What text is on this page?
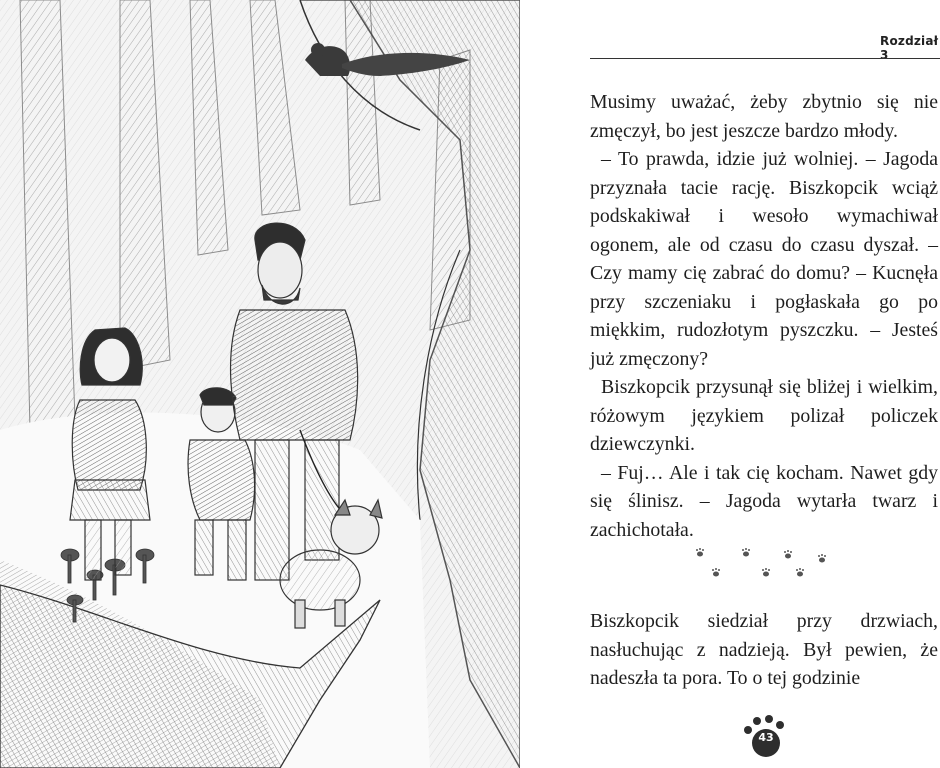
Rozdział 3

Musimy uważać, żeby zbytnio się nie zmęczył, bo jest jeszcze bardzo młody.

– To prawda, idzie już wolniej. – Jagoda przyznała tacie rację. Biszkopcik wciąż podskakiwał i wesoło wymachiwał ogonem, ale od czasu do czasu dyszał. – Czy mamy cię zabrać do domu? – Kucnęła przy szczeniaku i pogłaskała go po miękkim, rudozłotym pyszczku. – Jesteś już zmęczony?

Biszkopcik przysunął się bliżej i wielkim, różowym językiem polizał policzek dziewczynki.

– Fuj… Ale i tak cię kocham. Nawet gdy się ślinisz. – Jagoda wytarła twarz i zachichotała.

Biszkopcik siedział przy drzwiach, nasłuchując z nadzieją. Był pewien, że nadeszła ta pora. To o tej godzinie

43
